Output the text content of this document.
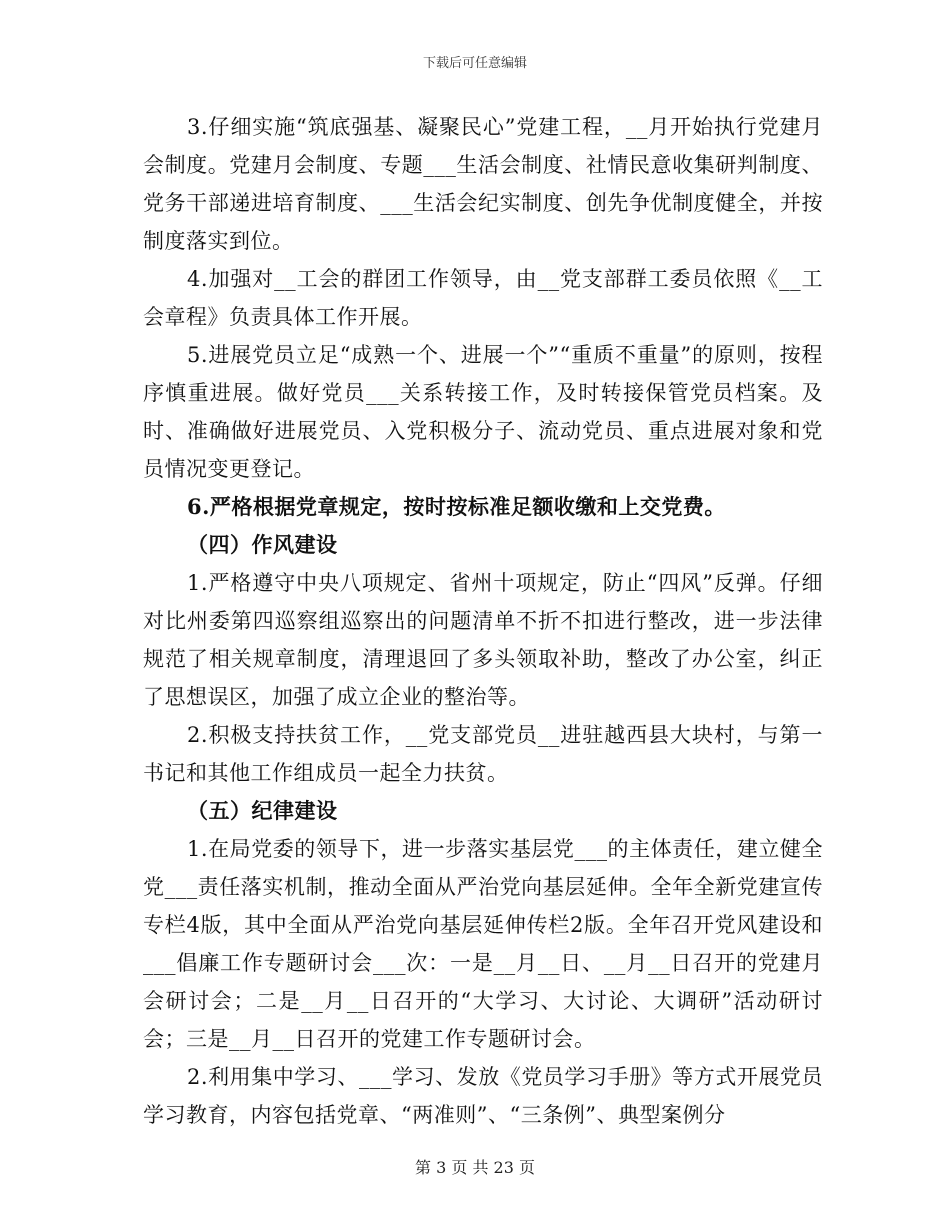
下载后可任意编辑

3.仔细实施“筑底强基、凝聚民心”党建工程，__月开始执行党建月会制度。党建月会制度、专题___生活会制度、社情民意收集研判制度、党务干部递进培育制度、___生活会纪实制度、创先争优制度健全，并按制度落实到位。

4.加强对__工会的群团工作领导，由__党支部群工委员依照《__工会章程》负责具体工作开展。

5.进展党员立足“成熟一个、进展一个”“重质不重量”的原则，按程序慎重进展。做好党员___关系转接工作，及时转接保管党员档案。及时、准确做好进展党员、入党积极分子、流动党员、重点进展对象和党员情况变更登记。

6.严格根据党章规定，按时按标准足额收缴和上交党费。

（四）作风建设

1.严格遵守中央八项规定、省州十项规定，防止“四风”反弹。仔细对比州委第四巡察组巡察出的问题清单不折不扣进行整改，进一步法律规范了相关规章制度，清理退回了多头领取补助，整改了办公室，纠正了思想误区，加强了成立企业的整治等。

2.积极支持扶贫工作，__党支部党员__进驻越西县大块村，与第一书记和其他工作组成员一起全力扶贫。

（五）纪律建设

1.在局党委的领导下，进一步落实基层党___的主体责任，建立健全党___责任落实机制，推动全面从严治党向基层延伸。全年全新党建宣传专栏4版，其中全面从严治党向基层延伸传栏2版。全年召开党风建设和___倡廉工作专题研讨会___次：一是__月__日、__月__日召开的党建月会研讨会；二是__月__日召开的“大学习、大讨论、大调研”活动研讨会；三是__月__日召开的党建工作专题研讨会。

2.利用集中学习、___学习、发放《党员学习手册》等方式开展党员学习教育，内容包括党章、“两准则”、“三条例”、典型案例分

第 3 页 共 23 页
